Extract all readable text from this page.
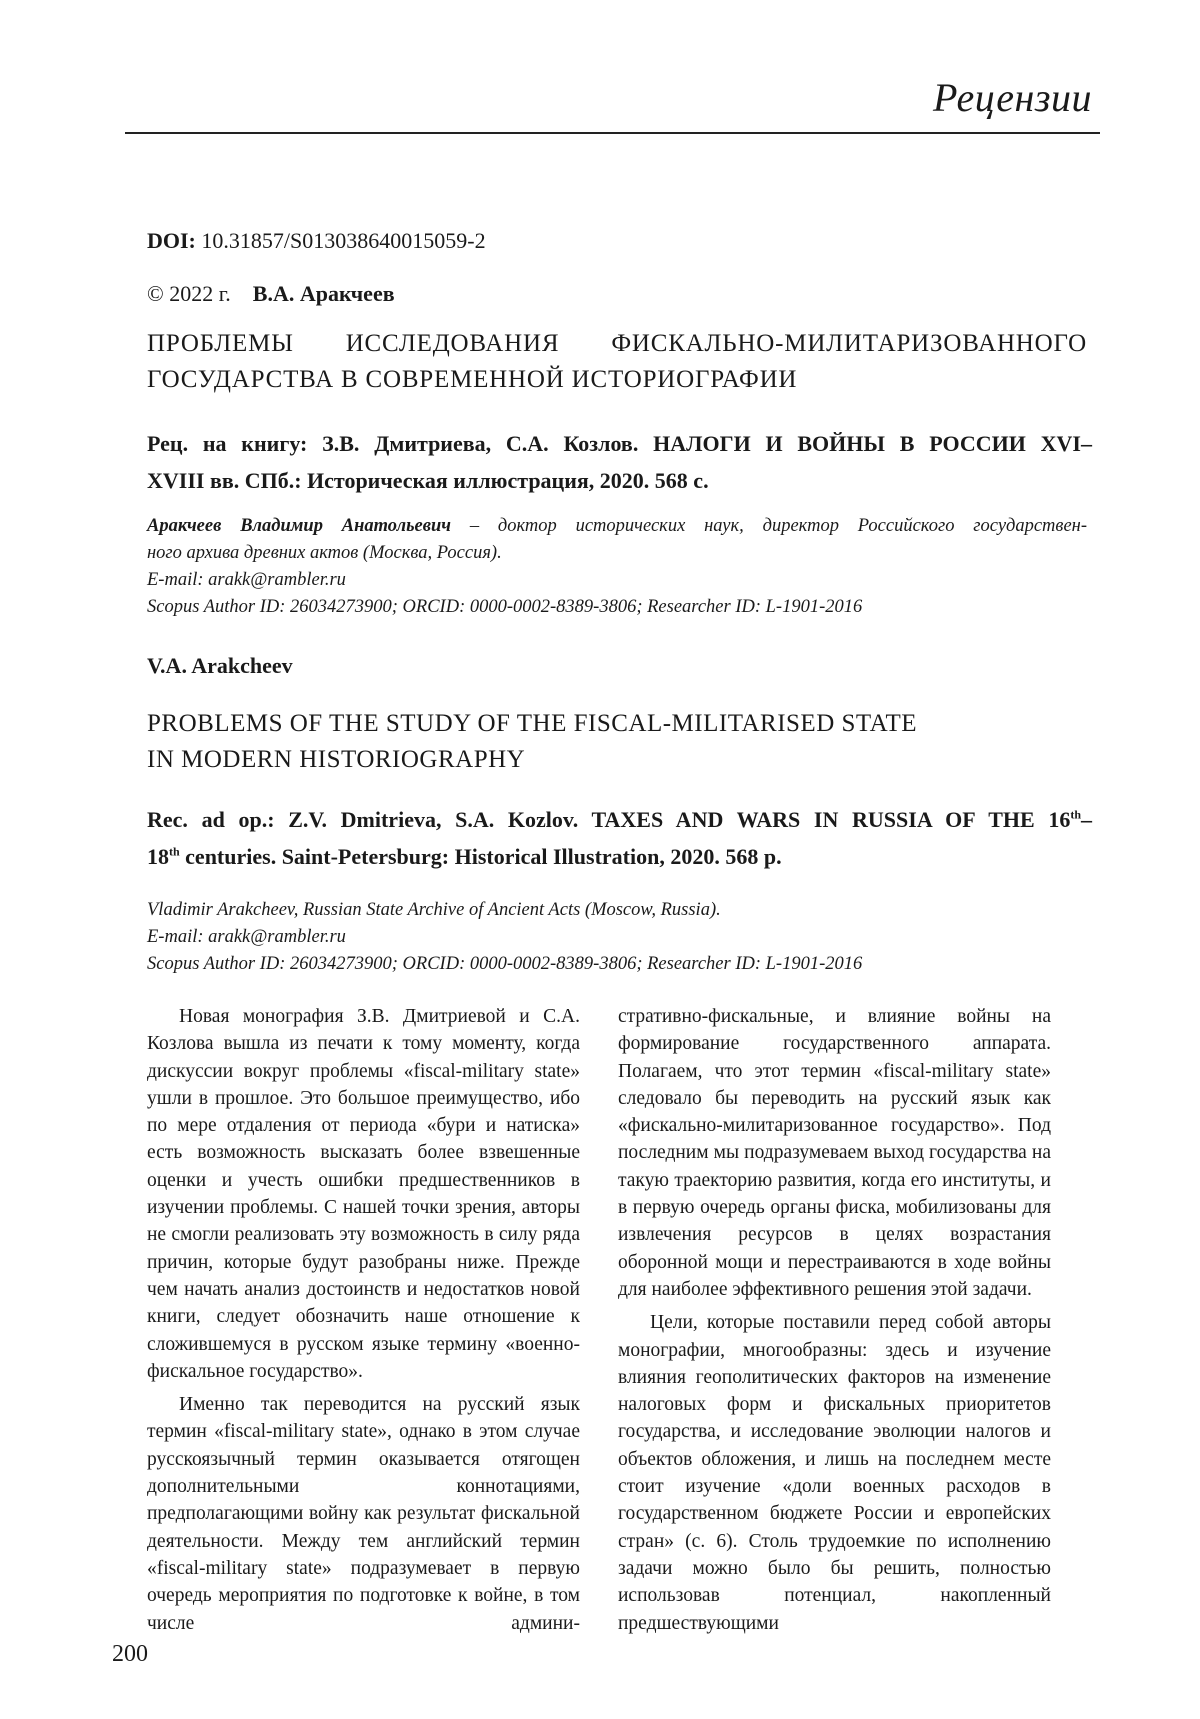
Рецензии
DOI: 10.31857/S013038640015059-2
© 2022 г. В.А. Аракчеев
ПРОБЛЕМЫ ИССЛЕДОВАНИЯ ФИСКАЛЬНО-МИЛИТАРИЗОВАННОГО
ГОСУДАРСТВА В СОВРЕМЕННОЙ ИСТОРИОГРАФИИ
Рец. на книгу: З.В. Дмитриева, С.А. Козлов. НАЛОГИ И ВОЙНЫ В РОССИИ XVI–
XVIII вв. СПб.: Историческая иллюстрация, 2020. 568 с.
Аракчеев Владимир Анатольевич – доктор исторических наук, директор Российского государствен-
ного архива древних актов (Москва, Россия).
E-mail: arakk@rambler.ru
Scopus Author ID: 26034273900; ORCID: 0000-0002-8389-3806; Researcher ID: L-1901-2016
V.A. Arakcheev
PROBLEMS OF THE STUDY OF THE FISCAL-MILITARISED STATE
IN MODERN HISTORIOGRAPHY
Rec. ad op.: Z.V. Dmitrieva, S.A. Kozlov. TAXES AND WARS IN RUSSIA OF THE 16th–
18th centuries. Saint-Petersburg: Historical Illustration, 2020. 568 p.
Vladimir Arakcheev, Russian State Archive of Ancient Acts (Moscow, Russia).
E-mail: arakk@rambler.ru
Scopus Author ID: 26034273900; ORCID: 0000-0002-8389-3806; Researcher ID: L-1901-2016

Новая монография З.В. Дмитриевой и С.А. Козлова вышла из печати к тому моменту, когда дискуссии вокруг проблемы «fiscal-military state» ушли в прошлое. Это большое преимущество, ибо по мере отдаления от периода «бури и натиска» есть возможность высказать более взвешенные оценки и учесть ошибки предшественников в изучении проблемы. С нашей точки зрения, авторы не смогли реализовать эту возможность в силу ряда причин, которые будут разобраны ниже. Прежде чем начать анализ достоинств и недостатков новой книги, следует обозначить наше отношение к сложившемуся в русском языке термину «военно-фискальное государство».

Именно так переводится на русский язык термин «fiscal-military state», однако в этом случае русскоязычный термин оказывается отягощен дополнительными коннотациями, предполагающими войну как результат фискальной деятельности. Между тем английский термин «fiscal-military state» подразумевает в первую очередь мероприятия по подготовке к войне, в том числе админи-

стративно-фискальные, и влияние войны на формирование государственного аппарата. Полагаем, что этот термин «fiscal-military state» следовало бы переводить на русский язык как «фискально-милитаризованное государство». Под последним мы подразумеваем выход государства на такую траекторию развития, когда его институты, и в первую очередь органы фиска, мобилизованы для извлечения ресурсов в целях возрастания оборонной мощи и перестраиваются в ходе войны для наиболее эффективного решения этой задачи.

Цели, которые поставили перед собой авторы монографии, многообразны: здесь и изучение влияния геополитических факторов на изменение налоговых форм и фискальных приоритетов государства, и исследование эволюции налогов и объектов обложения, и лишь на последнем месте стоит изучение «доли военных расходов в государственном бюджете России и европейских стран» (с. 6). Столь трудоемкие по исполнению задачи можно было бы решить, полностью использовав потенциал, накопленный предшествующими

200
